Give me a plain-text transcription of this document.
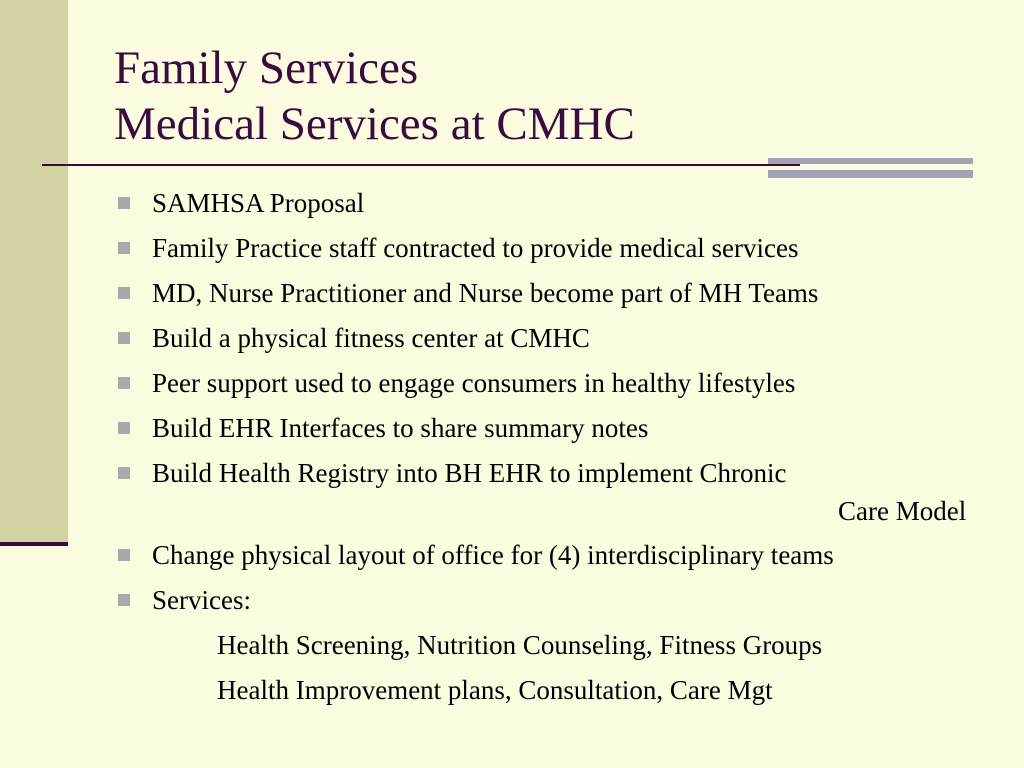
Family Services
Medical Services at CMHC
SAMHSA Proposal
Family Practice staff contracted to provide medical services
MD, Nurse Practitioner and Nurse become part of MH Teams
Build a physical fitness center at CMHC
Peer support used to engage consumers in healthy lifestyles
Build EHR Interfaces to share summary notes
Build Health Registry into BH EHR to implement Chronic
Care Model
Change physical layout of office for (4) interdisciplinary teams
Services:
Health Screening, Nutrition Counseling, Fitness Groups
Health Improvement plans, Consultation, Care Mgt
